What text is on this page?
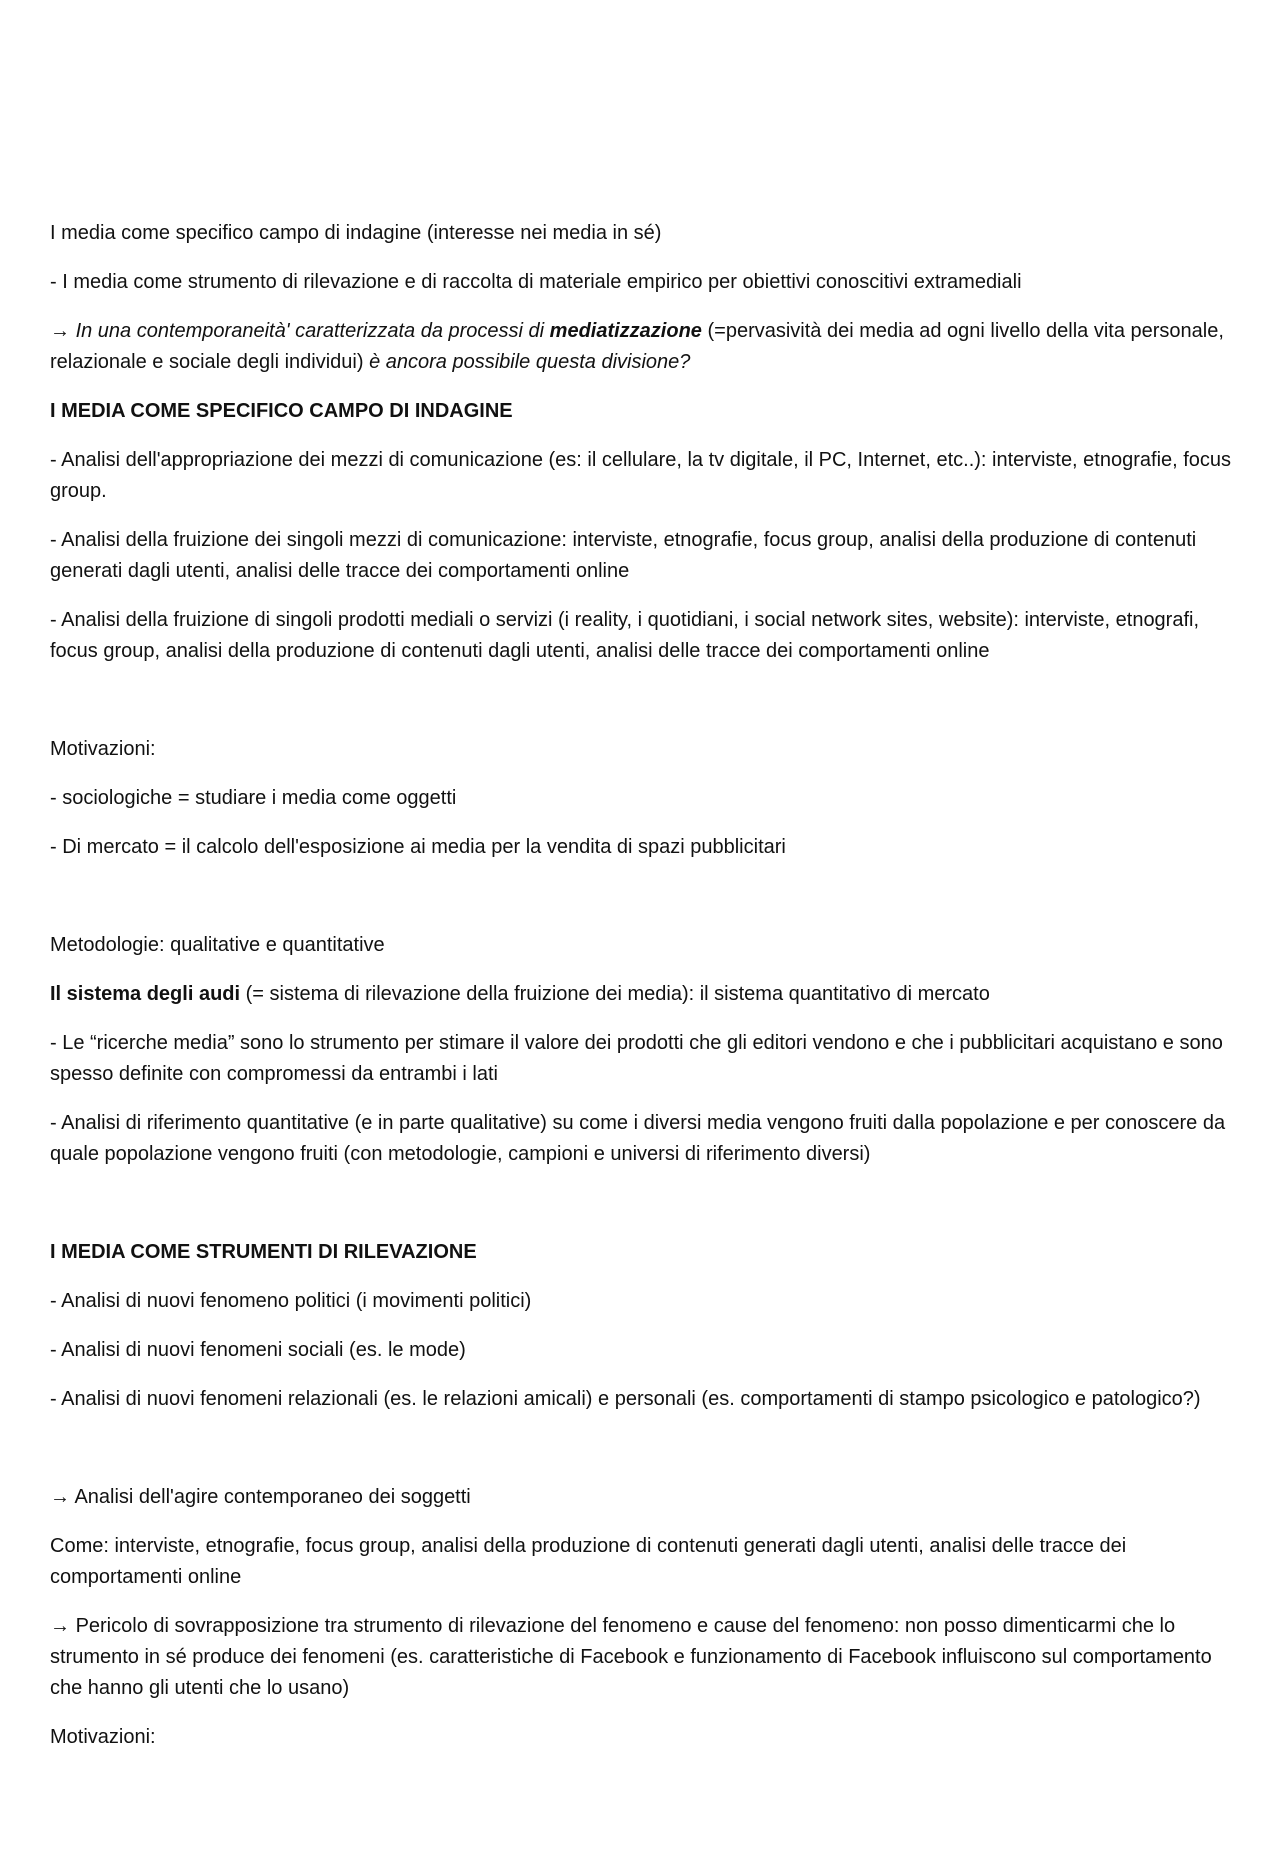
I media come specifico campo di indagine (interesse nei media in sé)

- I media come strumento di rilevazione e di raccolta di materiale empirico per obiettivi conoscitivi extramediali

→ In una contemporaneità' caratterizzata da processi di mediatizzazione (=pervasività dei media ad ogni livello della vita personale, relazionale e sociale degli individui) è ancora possibile questa divisione?

I MEDIA COME SPECIFICO CAMPO DI INDAGINE

- Analisi dell'appropriazione dei mezzi di comunicazione (es: il cellulare, la tv digitale, il PC, Internet, etc..): interviste, etnografie, focus group.

- Analisi della fruizione dei singoli mezzi di comunicazione: interviste, etnografie, focus group, analisi della produzione di contenuti generati dagli utenti, analisi delle tracce dei comportamenti online

- Analisi della fruizione di singoli prodotti mediali o servizi (i reality, i quotidiani, i social network sites, website): interviste, etnografi, focus group, analisi della produzione di contenuti dagli utenti, analisi delle tracce dei comportamenti online

Motivazioni:

- sociologiche = studiare i media come oggetti

- Di mercato = il calcolo dell'esposizione ai media per la vendita di spazi pubblicitari

Metodologie: qualitative e quantitative

Il sistema degli audi (= sistema di rilevazione della fruizione dei media): il sistema quantitativo di mercato

- Le “ricerche media” sono lo strumento per stimare il valore dei prodotti che gli editori vendono e che i pubblicitari acquistano e sono spesso definite con compromessi da entrambi i lati

- Analisi di riferimento quantitative (e in parte qualitative) su come i diversi media vengono fruiti dalla popolazione e per conoscere da quale popolazione vengono fruiti (con metodologie, campioni e universi di riferimento diversi)

I MEDIA COME STRUMENTI DI RILEVAZIONE

- Analisi di nuovi fenomeno politici (i movimenti politici)

- Analisi di nuovi fenomeni sociali (es. le mode)

- Analisi di nuovi fenomeni relazionali (es. le relazioni amicali) e personali (es. comportamenti di stampo psicologico e patologico?)

→ Analisi dell'agire contemporaneo dei soggetti

Come: interviste, etnografie, focus group, analisi della produzione di contenuti generati dagli utenti, analisi delle tracce dei comportamenti online

→ Pericolo di sovrapposizione tra strumento di rilevazione del fenomeno e cause del fenomeno: non posso dimenticarmi che lo strumento in sé produce dei fenomeni (es. caratteristiche di Facebook e funzionamento di Facebook influiscono sul comportamento che hanno gli utenti che lo usano)

Motivazioni:
